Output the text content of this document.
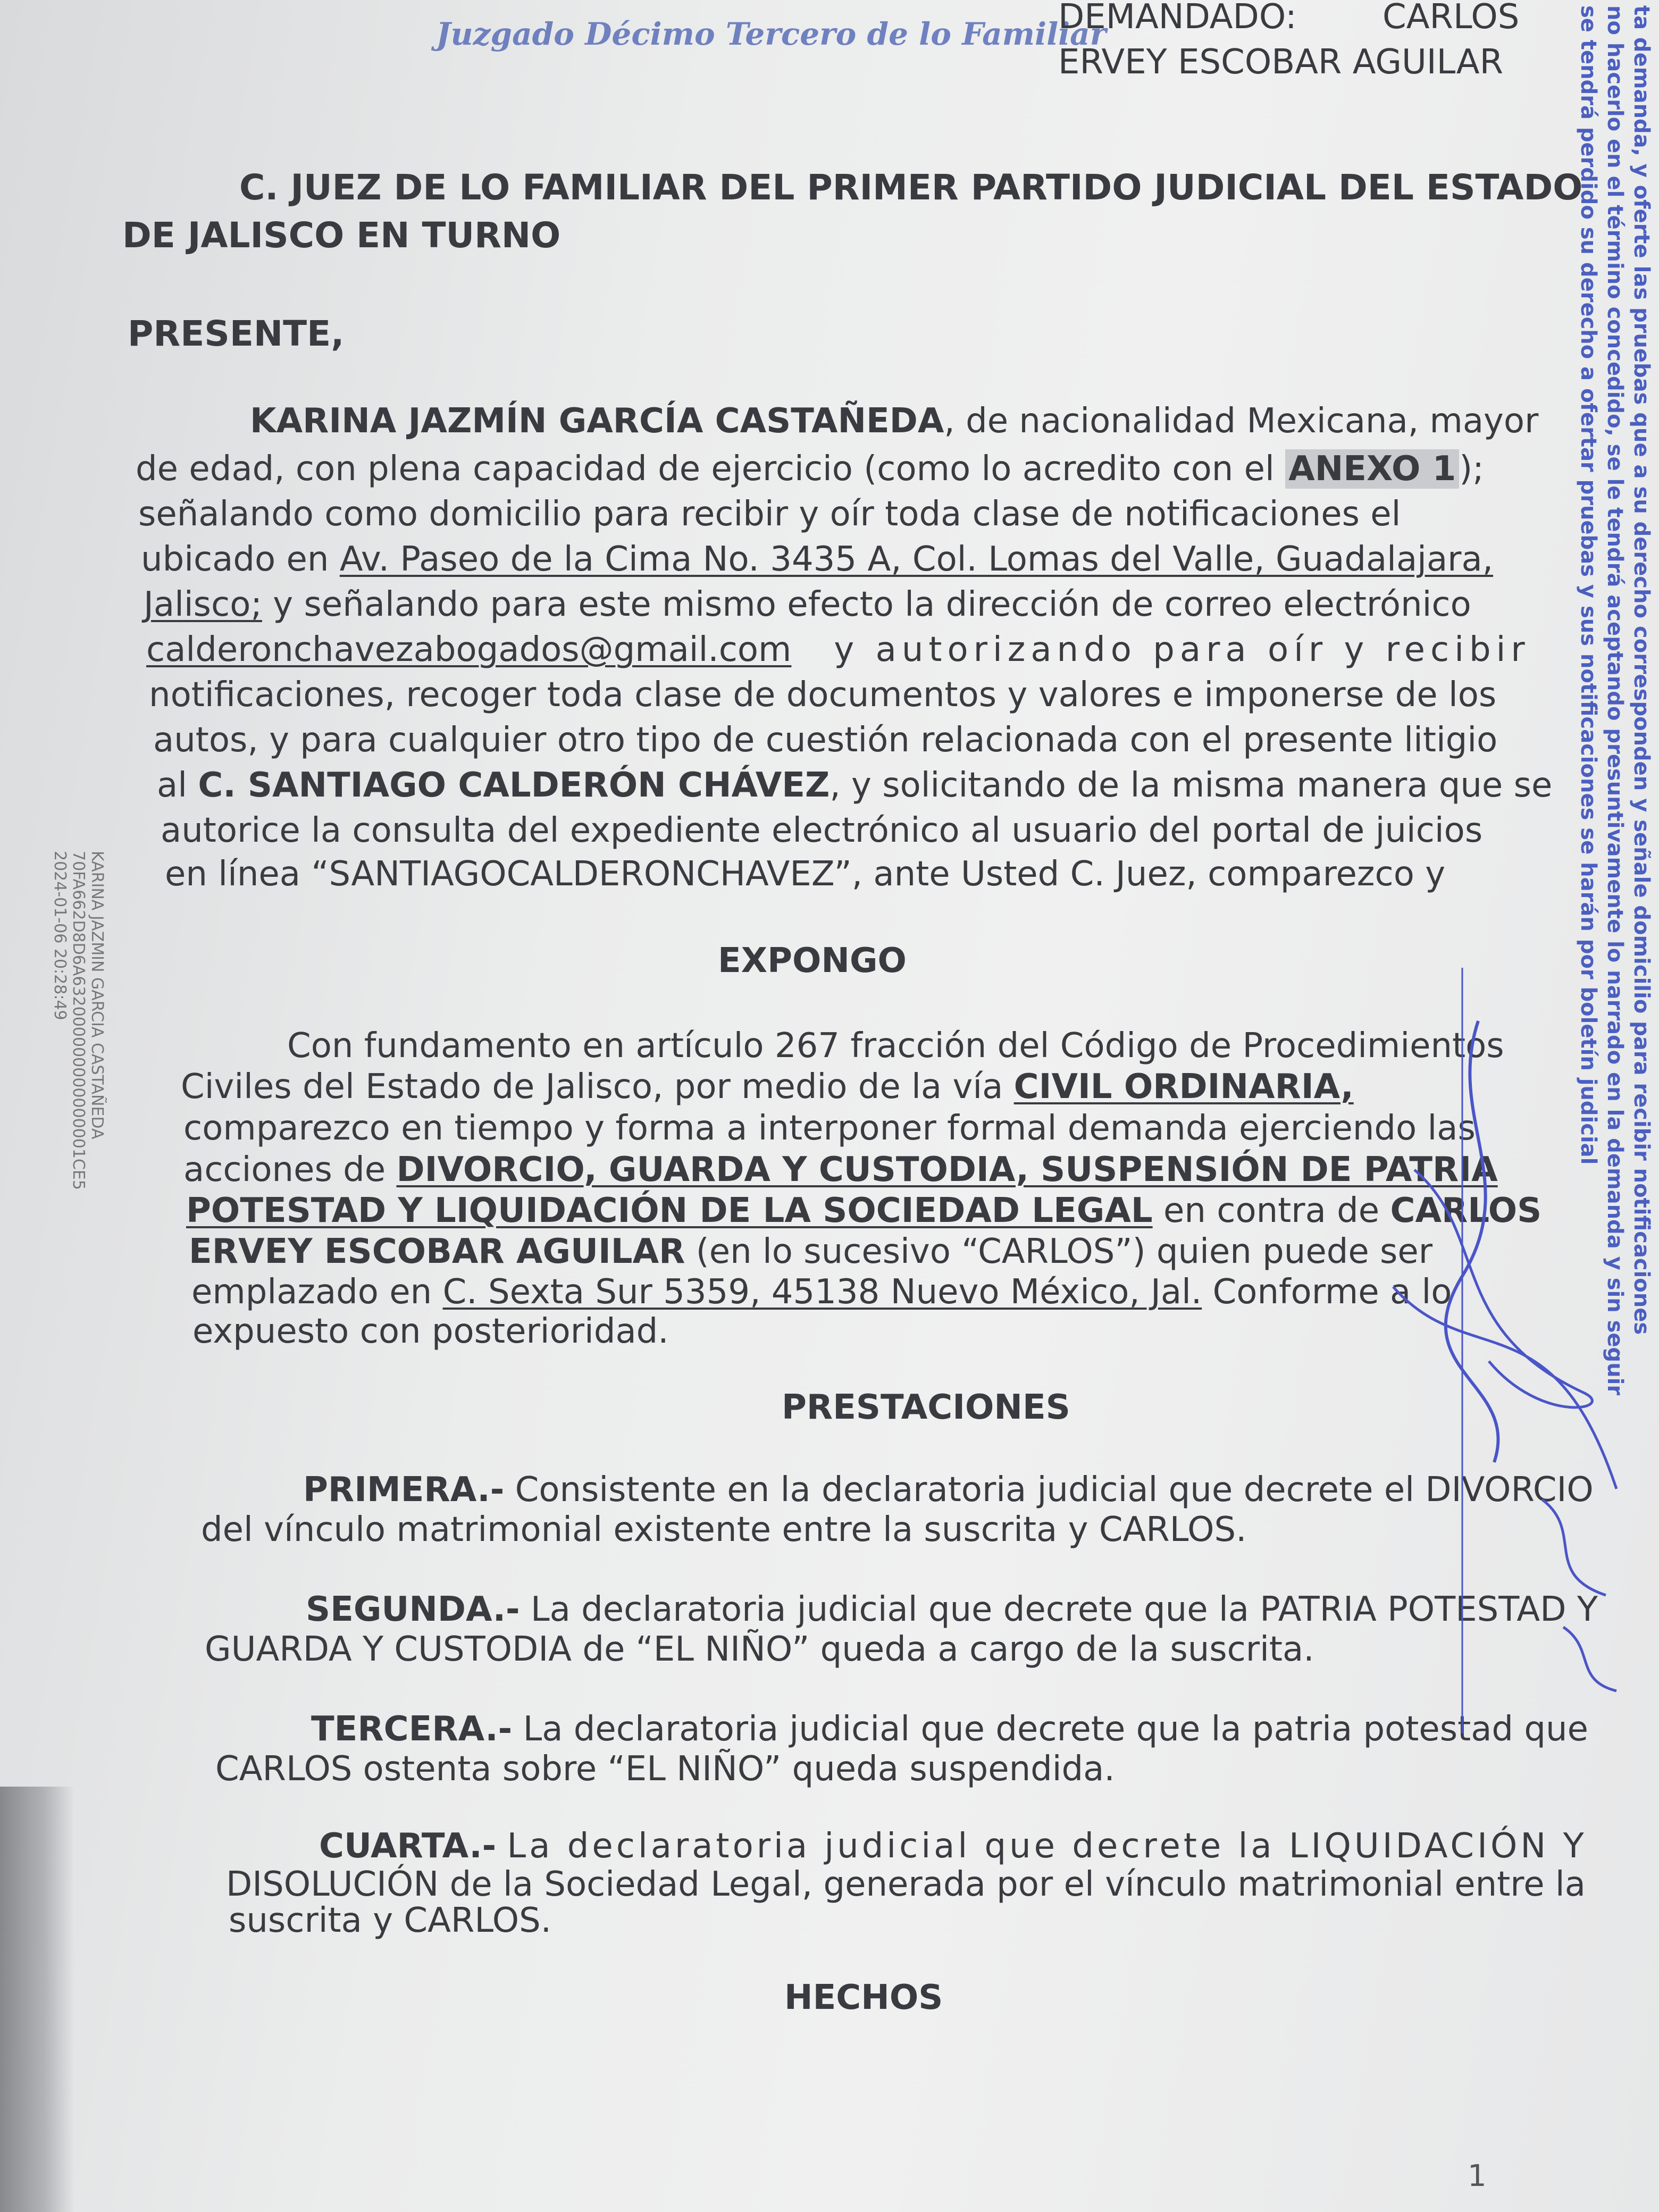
Juzgado Décimo Tercero de lo Familiar
DEMANDADO:	CARLOS
ERVEY ESCOBAR AGUILAR
C. JUEZ DE LO FAMILIAR DEL PRIMER PARTIDO JUDICIAL DEL ESTADO
DE JALISCO EN TURNO
PRESENTE,
KARINA JAZMÍN GARCÍA CASTAÑEDA, de nacionalidad Mexicana, mayor
de edad, con plena capacidad de ejercicio (como lo acredito con el ANEXO 1);
señalando como domicilio para recibir y oír toda clase de notificaciones el
ubicado en Av. Paseo de la Cima No. 3435 A, Col. Lomas del Valle, Guadalajara,
Jalisco; y señalando para este mismo efecto la dirección de correo electrónico
calderonchavezabogados@gmail.com y autorizando para oír y recibir
notificaciones, recoger toda clase de documentos y valores e imponerse de los
autos, y para cualquier otro tipo de cuestión relacionada con el presente litigio
al C. SANTIAGO CALDERÓN CHÁVEZ, y solicitando de la misma manera que se
autorice la consulta del expediente electrónico al usuario del portal de juicios
en línea “SANTIAGOCALDERONCHAVEZ”, ante Usted C. Juez, comparezco y
EXPONGO
Con fundamento en artículo 267 fracción del Código de Procedimientos
Civiles del Estado de Jalisco, por medio de la vía CIVIL ORDINARIA,
comparezco en tiempo y forma a interponer formal demanda ejerciendo las
acciones de DIVORCIO, GUARDA Y CUSTODIA, SUSPENSIÓN DE PATRIA
POTESTAD Y LIQUIDACIÓN DE LA SOCIEDAD LEGAL en contra de CARLOS
ERVEY ESCOBAR AGUILAR (en lo sucesivo “CARLOS”) quien puede ser
emplazado en C. Sexta Sur 5359, 45138 Nuevo México, Jal. Conforme a lo
expuesto con posterioridad.
PRESTACIONES
PRIMERA.- Consistente en la declaratoria judicial que decrete el DIVORCIO
del vínculo matrimonial existente entre la suscrita y CARLOS.
SEGUNDA.- La declaratoria judicial que decrete que la PATRIA POTESTAD Y
GUARDA Y CUSTODIA de “EL NIÑO” queda a cargo de la suscrita.
TERCERA.- La declaratoria judicial que decrete que la patria potestad que
CARLOS ostenta sobre “EL NIÑO” queda suspendida.
CUARTA.- La declaratoria judicial que decrete la LIQUIDACIÓN Y
DISOLUCIÓN de la Sociedad Legal, generada por el vínculo matrimonial entre la
suscrita y CARLOS.
HECHOS
ta demanda, y oferte las pruebas que a su derecho corresponden y señale domicilio para recibir notificaciones
no hacerlo en el término concedido, se le tendrá aceptando presuntivamente lo narrado en la demanda y sin seguir
se tendrá perdido su derecho a ofertar pruebas y sus notificaciones se harán por boletín judicial
KARINA JAZMIN GARCIA CASTAÑEDA
70FA662D8D6A632000000000000001CE5
2024-01-06 20:28:49
1
